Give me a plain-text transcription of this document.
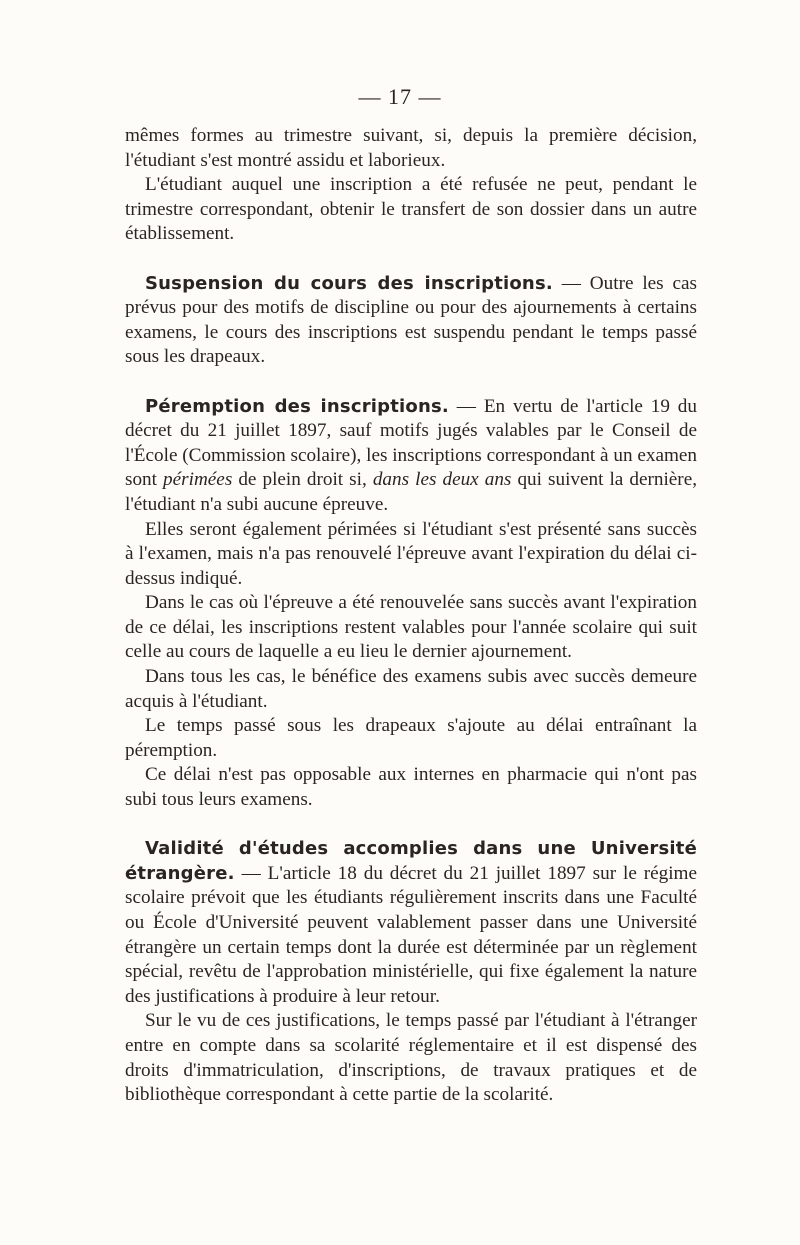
— 17 —

mêmes formes au trimestre suivant, si, depuis la première décision, l'étudiant s'est montré assidu et laborieux.

L'étudiant auquel une inscription a été refusée ne peut, pendant le trimestre correspondant, obtenir le transfert de son dossier dans un autre établissement.

Suspension du cours des inscriptions. — Outre les cas prévus pour des motifs de discipline ou pour des ajournements à certains examens, le cours des inscriptions est suspendu pendant le temps passé sous les drapeaux.

Péremption des inscriptions. — En vertu de l'article 19 du décret du 21 juillet 1897, sauf motifs jugés valables par le Conseil de l'École (Commission scolaire), les inscriptions correspondant à un examen sont périmées de plein droit si, dans les deux ans qui suivent la dernière, l'étudiant n'a subi aucune épreuve.

Elles seront également périmées si l'étudiant s'est présenté sans succès à l'examen, mais n'a pas renouvelé l'épreuve avant l'expiration du délai ci-dessus indiqué.

Dans le cas où l'épreuve a été renouvelée sans succès avant l'expiration de ce délai, les inscriptions restent valables pour l'année scolaire qui suit celle au cours de laquelle a eu lieu le dernier ajournement.

Dans tous les cas, le bénéfice des examens subis avec succès demeure acquis à l'étudiant.

Le temps passé sous les drapeaux s'ajoute au délai entraînant la péremption.

Ce délai n'est pas opposable aux internes en pharmacie qui n'ont pas subi tous leurs examens.

Validité d'études accomplies dans une Université étrangère. — L'article 18 du décret du 21 juillet 1897 sur le régime scolaire prévoit que les étudiants régulièrement inscrits dans une Faculté ou École d'Université peuvent valablement passer dans une Université étrangère un certain temps dont la durée est déterminée par un règlement spécial, revêtu de l'approbation ministérielle, qui fixe également la nature des justifications à produire à leur retour.

Sur le vu de ces justifications, le temps passé par l'étudiant à l'étranger entre en compte dans sa scolarité réglementaire et il est dispensé des droits d'immatriculation, d'inscriptions, de travaux pratiques et de bibliothèque correspondant à cette partie de la scolarité.
